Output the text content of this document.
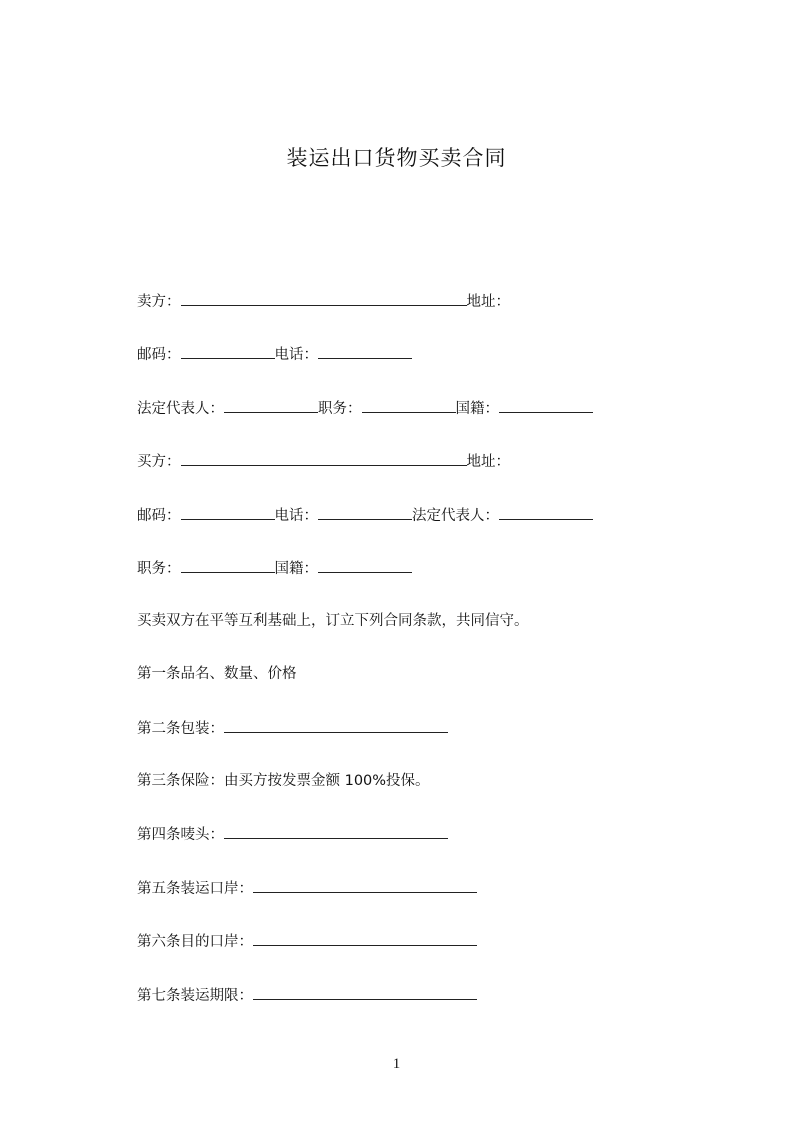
装运出口货物买卖合同
卖方：	地址：
邮码：	电话：
法定代表人：	职务：	国籍：
买方：	地址：
邮码：	电话：	法定代表人：
职务：	国籍：
买卖双方在平等互利基础上，订立下列合同条款，共同信守。
第一条品名、数量、价格
第二条包装：
第三条保险：由买方按发票金额 100%投保。
第四条唛头：
第五条装运口岸：
第六条目的口岸：
第七条装运期限：
1
